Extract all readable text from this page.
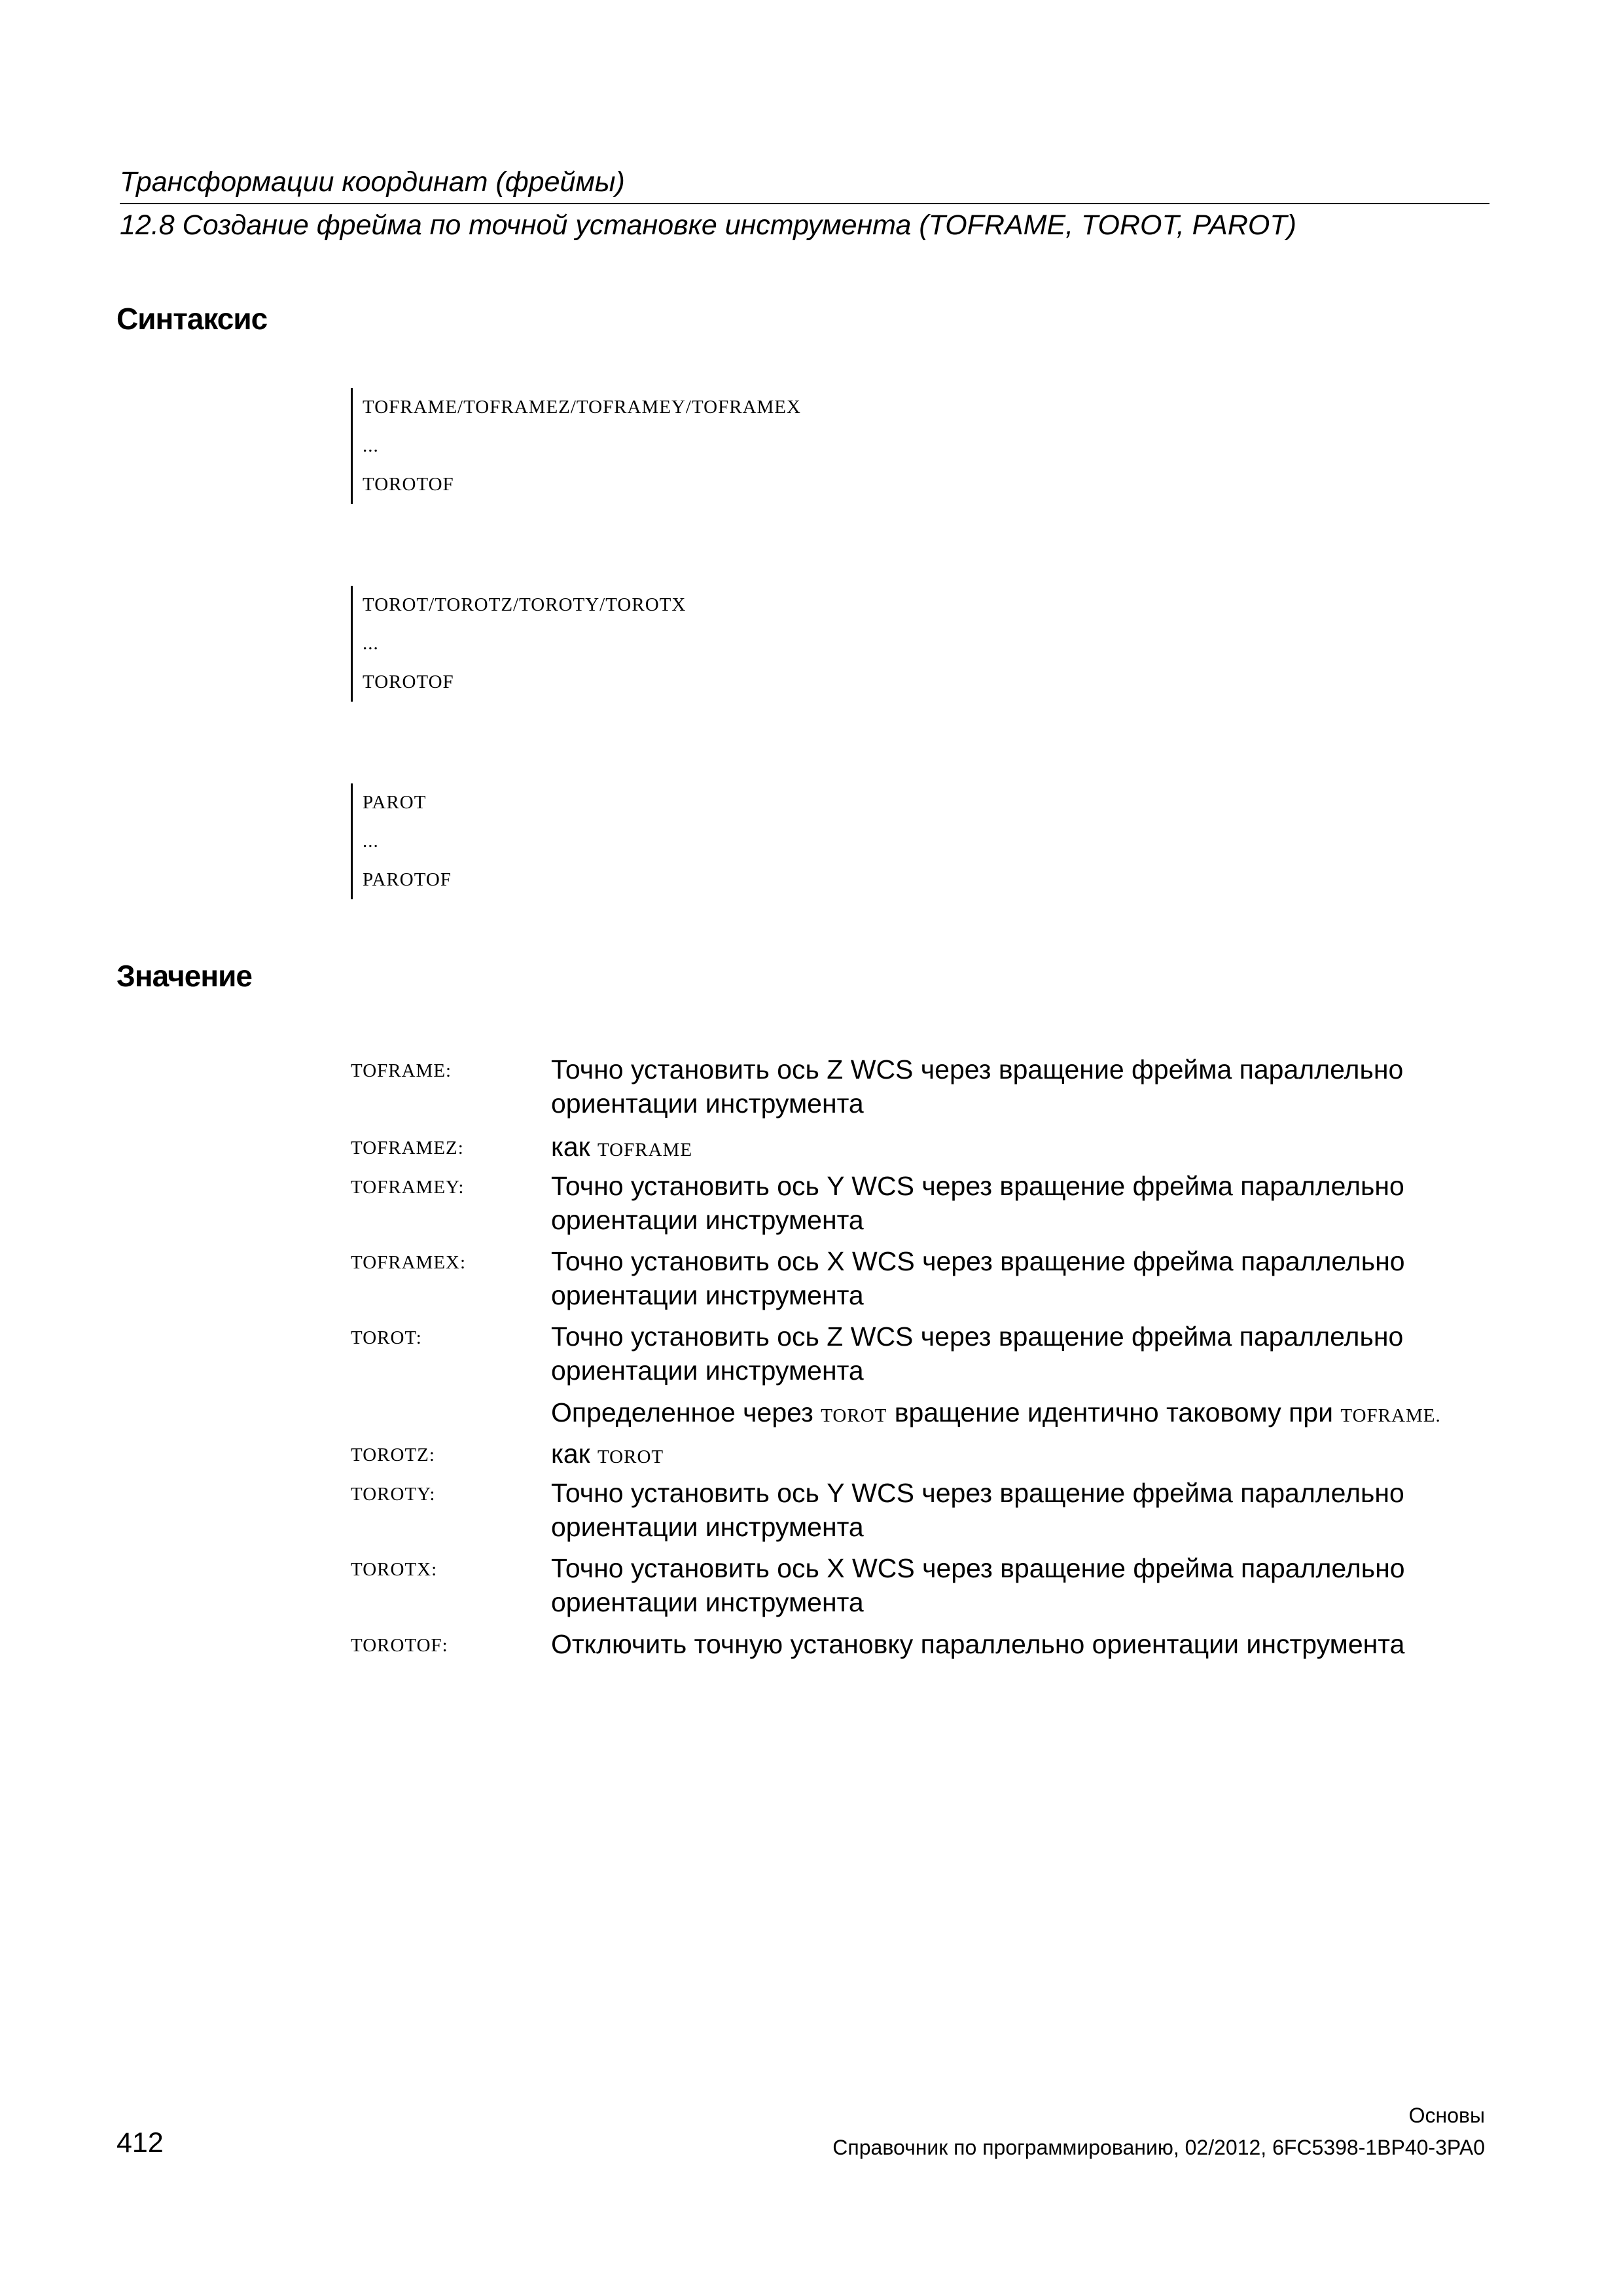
Трансформации координат (фреймы)
12.8 Создание фрейма по точной установке инструмента (TOFRAME, TOROT, PAROT)
Синтаксис
TOFRAME/TOFRAMEZ/TOFRAMEY/TOFRAMEX
...
TOROTOF
TOROT/TOROTZ/TOROTY/TOROTX
...
TOROTOF
PAROT
...
PAROTOF
Значение
TOFRAME:	Точно установить ось Z WCS через вращение фрейма параллельно ориентации инструмента
TOFRAMEZ:	как TOFRAME
TOFRAMEY:	Точно установить ось Y WCS через вращение фрейма параллельно ориентации инструмента
TOFRAMEX:	Точно установить ось X WCS через вращение фрейма параллельно ориентации инструмента
TOROT:	Точно установить ось Z WCS через вращение фрейма параллельно ориентации инструмента
Определенное через TOROT вращение идентично таковому при TOFRAME.
TOROTZ:	как TOROT
TOROTY:	Точно установить ось Y WCS через вращение фрейма параллельно ориентации инструмента
TOROTX:	Точно установить ось X WCS через вращение фрейма параллельно ориентации инструмента
TOROTOF:	Отключить точную установку параллельно ориентации инструмента
Основы
Справочник по программированию, 02/2012, 6FC5398-1BP40-3PA0
412
